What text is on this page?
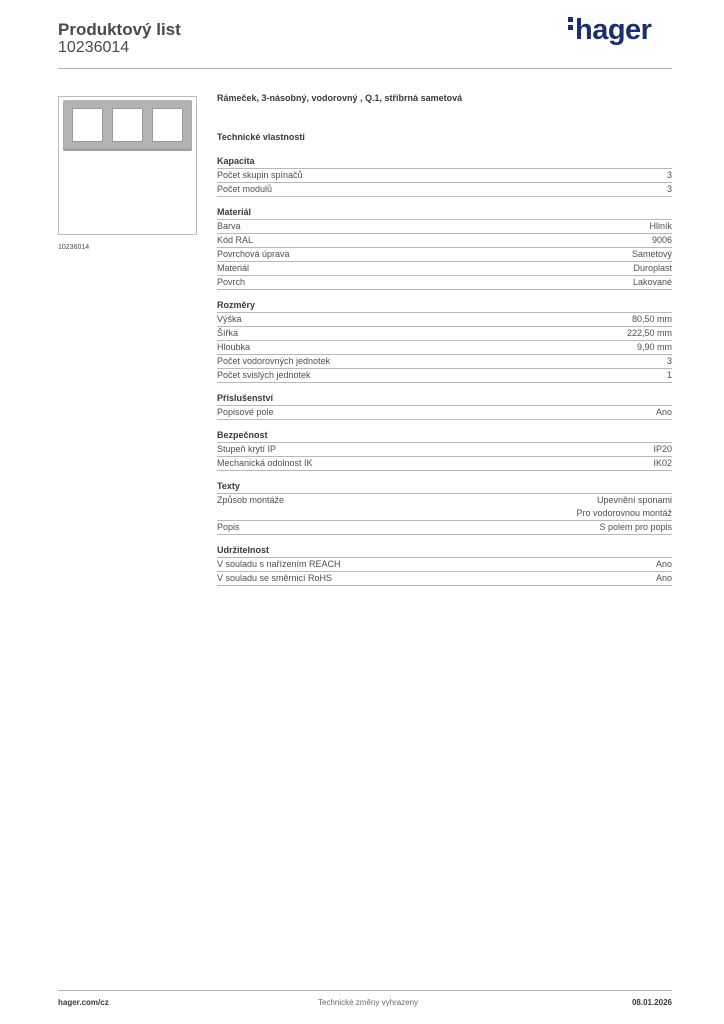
Produktový list
10236014
hager
10236014
Rámeček, 3-násobný, vodorovný , Q.1, stříbrná sametová
Technické vlastnosti
Kapacita
Počet skupin spínačů	3
Počet modulů	3
Materiál
Barva	Hliník
Kód RAL	9006
Povrchová úprava	Sametový
Materiál	Duroplast
Povrch	Lakované
Rozměry
Výška	80,50 mm
Šířka	222,50 mm
Hloubka	9,90 mm
Počet vodorovných jednotek	3
Počet svislých jednotek	1
Příslušenství
Popisové pole	Ano
Bezpečnost
Stupeň krytí IP	IP20
Mechanická odolnost IK	IK02
Texty
Způsob montáže	Upevnění sponami
Pro vodorovnou montáž
Popis	S polem pro popis
Udržitelnost
V souladu s nařízením REACH	Ano
V souladu se směrnicí RoHS	Ano
hager.com/cz	Technické změny vyhrazeny	08.01.2026
